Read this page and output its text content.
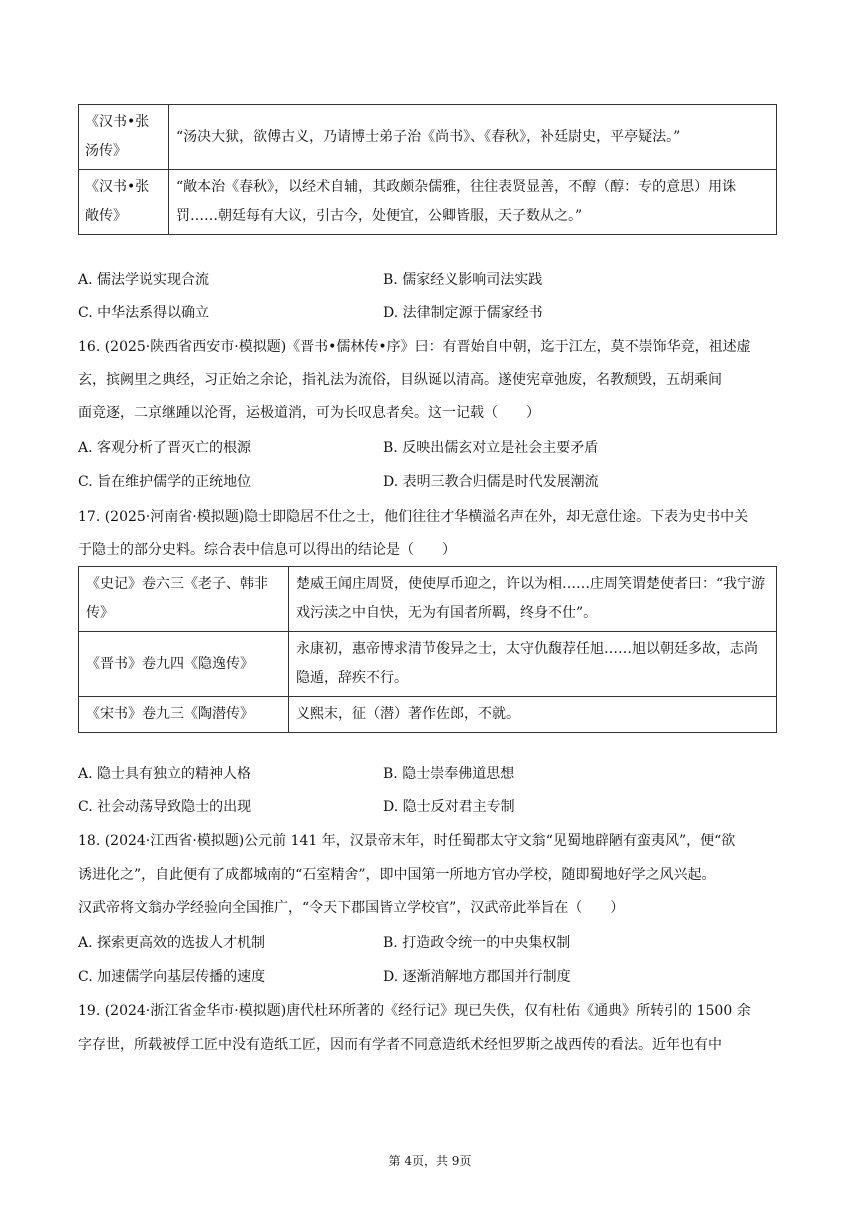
《汉书•张汤传》	“汤决大狱，欲傅古义，乃请博士弟子治《尚书》、《春秋》，补廷尉史，平亭疑法。”
《汉书•张敞传》	“敞本治《春秋》，以经术自辅，其政颇杂儒雅，往往表贤显善，不醇（醇：专的意思）用诛罚……朝廷每有大议，引古今，处便宜，公卿皆服，天子数从之。”
A. 儒法学说实现合流	B. 儒家经义影响司法实践
C. 中华法系得以确立	D. 法律制定源于儒家经书
16. (2025·陕西省西安市·模拟题)《晋书•儒林传•序》曰：有晋始自中朝，迄于江左，莫不崇饰华竞，祖述虚
玄，摈阙里之典经，习正始之余论，指礼法为流俗，目纵诞以清高。遂使宪章弛废，名教颓毁，五胡乘间
面竞逐，二京继踵以沦胥，运极道消，可为长叹息者矣。这一记载（　　）
A. 客观分析了晋灭亡的根源	B. 反映出儒玄对立是社会主要矛盾
C. 旨在维护儒学的正统地位	D. 表明三教合归儒是时代发展潮流
17. (2025·河南省·模拟题)隐士即隐居不仕之士，他们往往才华横溢名声在外，却无意仕途。下表为史书中关
于隐士的部分史料。综合表中信息可以得出的结论是（　　）
《史记》卷六三《老子、韩非传》	楚威王闻庄周贤，使使厚币迎之，许以为相……庄周笑谓楚使者曰：“我宁游戏污渎之中自快，无为有国者所羁，终身不仕”。
《晋书》卷九四《隐逸传》	永康初，惠帝博求清节俊异之士，太守仇馥荐任旭……旭以朝廷多故，志尚隐遁，辞疾不行。
《宋书》卷九三《陶潜传》	义熙末，征（潜）著作佐郎，不就。
A. 隐士具有独立的精神人格	B. 隐士崇奉佛道思想
C. 社会动荡导致隐士的出现	D. 隐士反对君主专制
18. (2024·江西省·模拟题)公元前 141 年，汉景帝末年，时任蜀郡太守文翁“见蜀地辟陋有蛮夷风”，便“欲
诱进化之”，自此便有了成都城南的“石室精舍”，即中国第一所地方官办学校，随即蜀地好学之风兴起。
汉武帝将文翁办学经验向全国推广，“令天下郡国皆立学校官”，汉武帝此举旨在（　　）
A. 探索更高效的选拔人才机制	B. 打造政令统一的中央集权制
C. 加速儒学向基层传播的速度	D. 逐渐消解地方郡国并行制度
19. (2024·浙江省金华市·模拟题)唐代杜环所著的《经行记》现已失佚，仅有杜佑《通典》所转引的 1500 余
字存世，所载被俘工匠中没有造纸工匠，因而有学者不同意造纸术经怛罗斯之战西传的看法。近年也有中
第 4页，共 9页
